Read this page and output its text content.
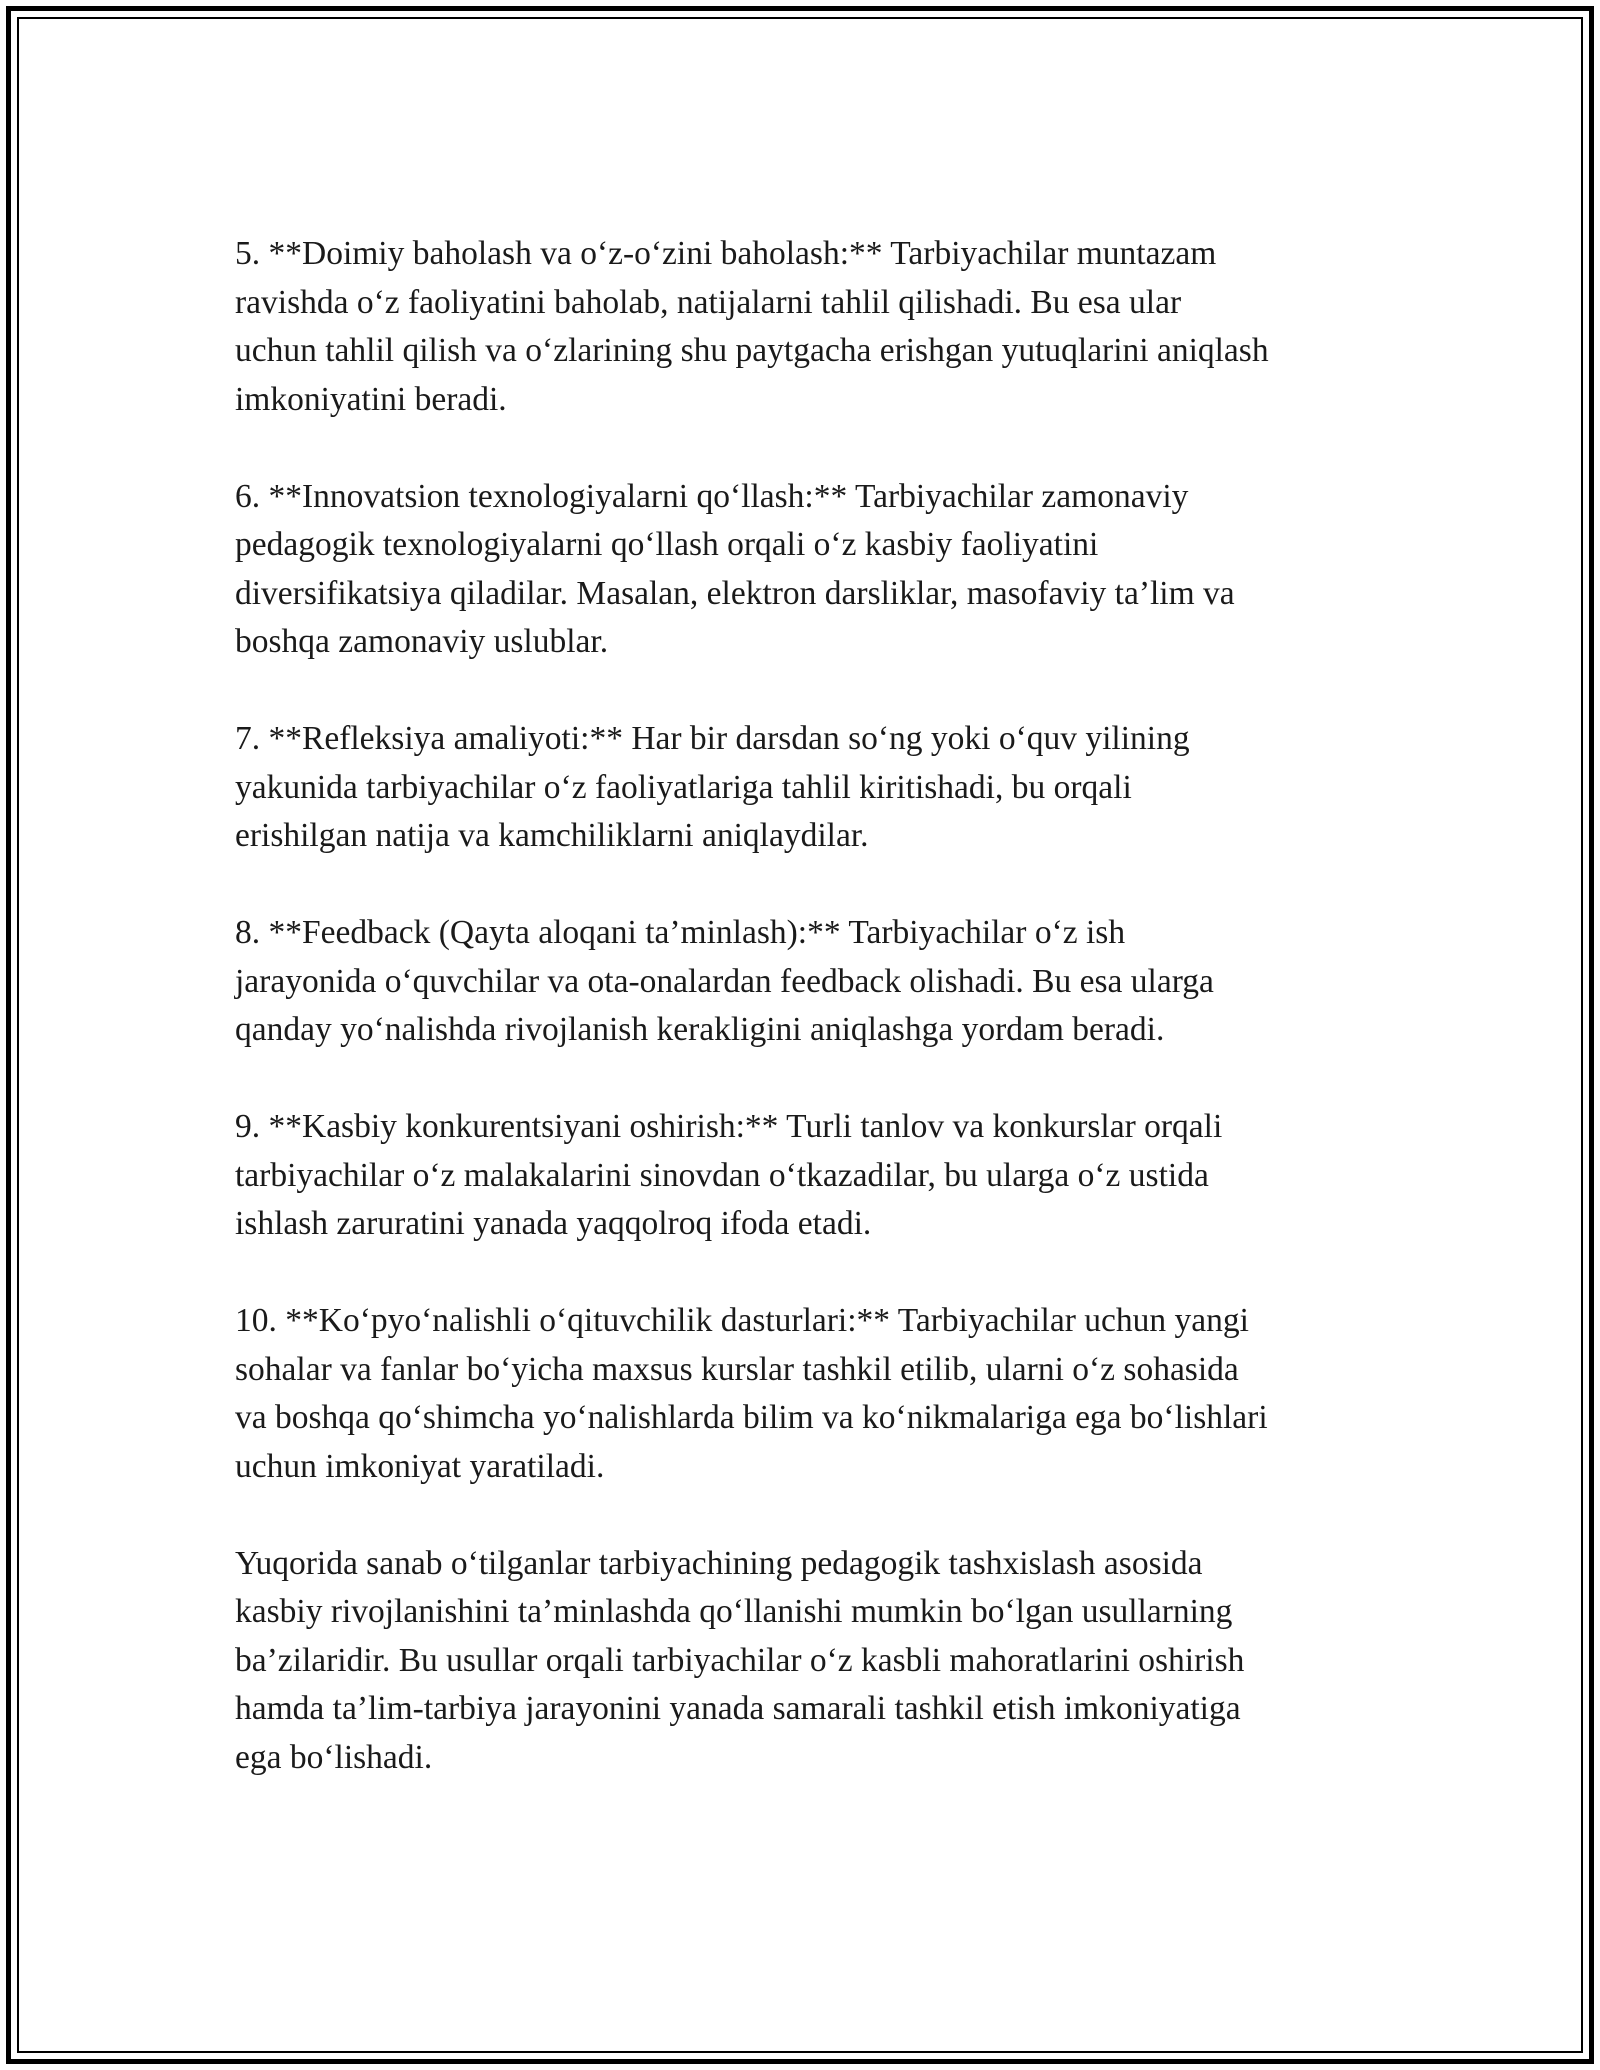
5. **Doimiy baholash va o‘z-o‘zini baholash:** Tarbiyachilar muntazam
ravishda o‘z faoliyatini baholab, natijalarni tahlil qilishadi. Bu esa ular
uchun tahlil qilish va o‘zlarining shu paytgacha erishgan yutuqlarini aniqlash
imkoniyatini beradi.

6. **Innovatsion texnologiyalarni qo‘llash:** Tarbiyachilar zamonaviy
pedagogik texnologiyalarni qo‘llash orqali o‘z kasbiy faoliyatini
diversifikatsiya qiladilar. Masalan, elektron darsliklar, masofaviy ta’lim va
boshqa zamonaviy uslublar.

7. **Refleksiya amaliyoti:** Har bir darsdan so‘ng yoki o‘quv yilining
yakunida tarbiyachilar o‘z faoliyatlariga tahlil kiritishadi, bu orqali
erishilgan natija va kamchiliklarni aniqlaydilar.

8. **Feedback (Qayta aloqani ta’minlash):** Tarbiyachilar o‘z ish
jarayonida o‘quvchilar va ota-onalardan feedback olishadi. Bu esa ularga
qanday yo‘nalishda rivojlanish kerakligini aniqlashga yordam beradi.

9. **Kasbiy konkurentsiyani oshirish:** Turli tanlov va konkurslar orqali
tarbiyachilar o‘z malakalarini sinovdan o‘tkazadilar, bu ularga o‘z ustida
ishlash zaruratini yanada yaqqolroq ifoda etadi.

10. **Ko‘pyo‘nalishli o‘qituvchilik dasturlari:** Tarbiyachilar uchun yangi
sohalar va fanlar bo‘yicha maxsus kurslar tashkil etilib, ularni o‘z sohasida
va boshqa qo‘shimcha yo‘nalishlarda bilim va ko‘nikmalariga ega bo‘lishlari
uchun imkoniyat yaratiladi.

Yuqorida sanab o‘tilganlar tarbiyachining pedagogik tashxislash asosida
kasbiy rivojlanishini ta’minlashda qo‘llanishi mumkin bo‘lgan usullarning
ba’zilaridir. Bu usullar orqali tarbiyachilar o‘z kasbli mahoratlarini oshirish
hamda ta’lim-tarbiya jarayonini yanada samarali tashkil etish imkoniyatiga
ega bo‘lishadi.
